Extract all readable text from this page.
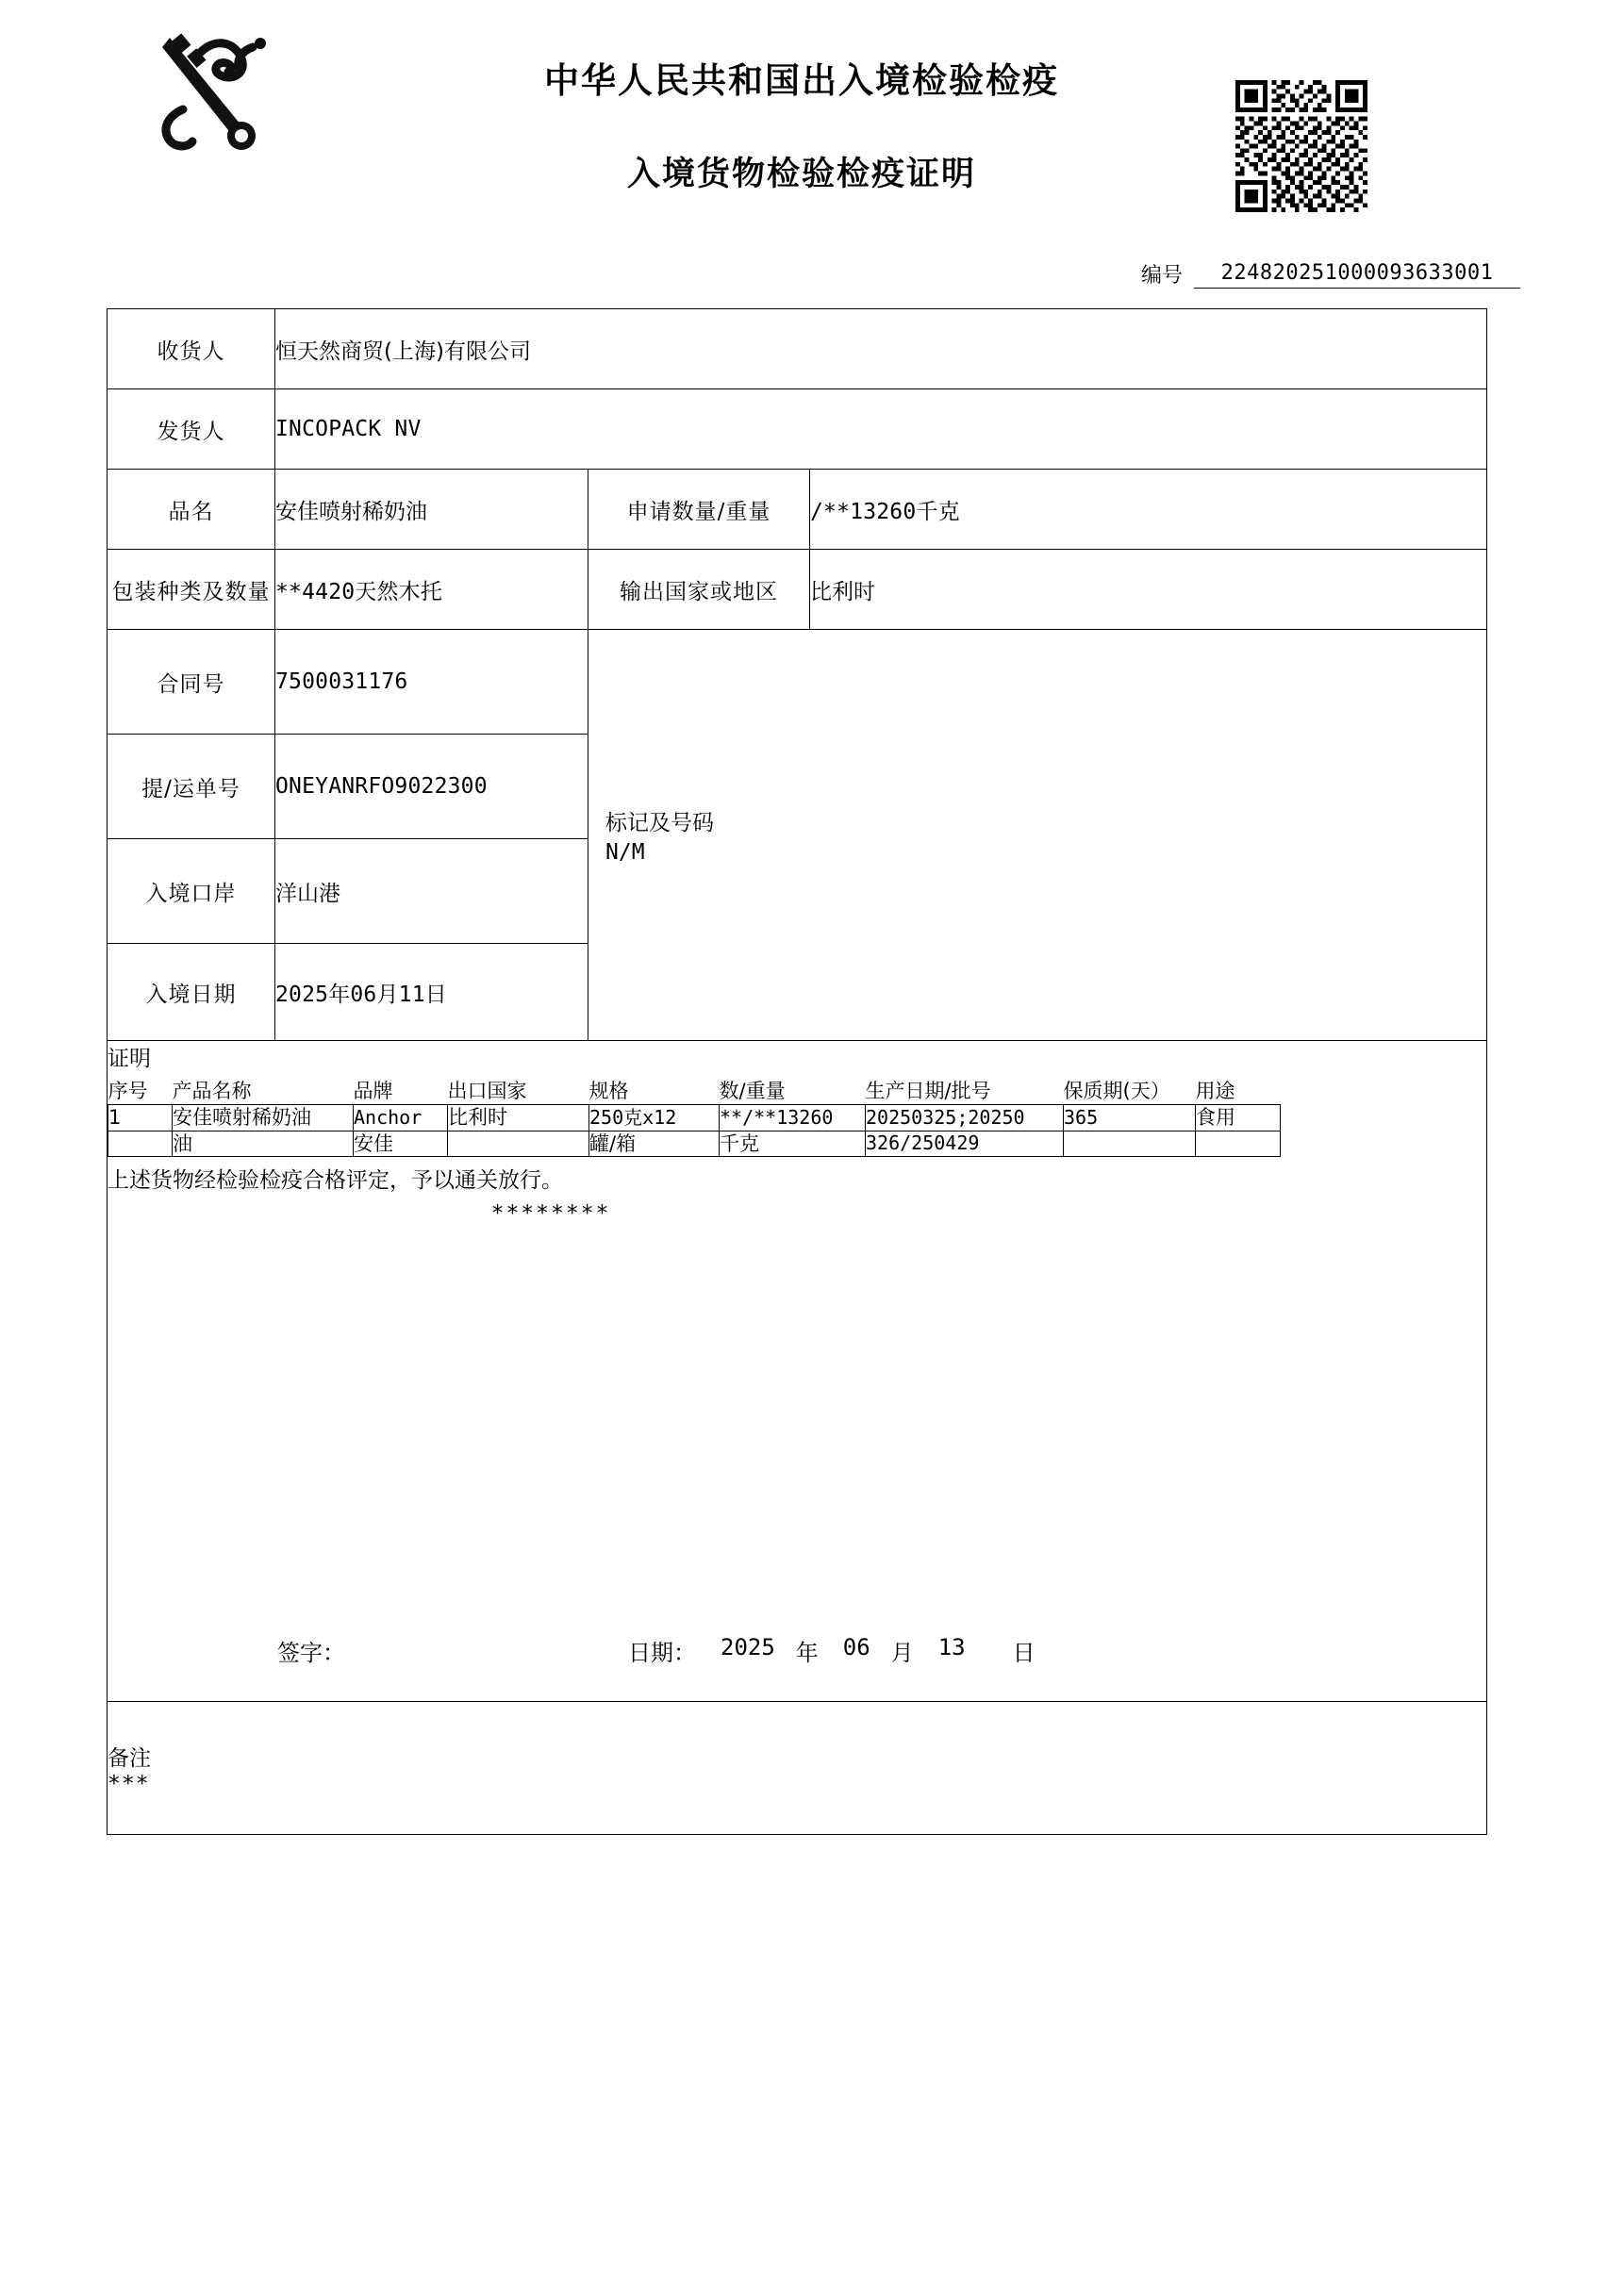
中华人民共和国出入境检验检疫
入境货物检验检疫证明
编号	224820251000093633001
收货人	恒天然商贸(上海)有限公司
发货人	INCOPACK NV
品名	安佳喷射稀奶油	申请数量/重量	/**13260千克
包装种类及数量	**4420天然木托	输出国家或地区	比利时
合同号	7500031176	
标记及号码
N/M

提/运单号	ONEYANRFO9022300
入境口岸	洋山港
入境日期	2025年06月11日

证明
序号	产品名称	品牌	出口国家	规格	数/重量	生产日期/批号	保质期(天）	用途
1	安佳喷射稀奶油	Anchor	比利时	250克x12	**/**13260	20250325;20250	365	食用
	油	安佳		罐/箱	千克	326/250429		
上述货物经检验检疫合格评定，予以通关放行。
********
签字：	日期： 2025 年 06 月 13 日

备注
***
